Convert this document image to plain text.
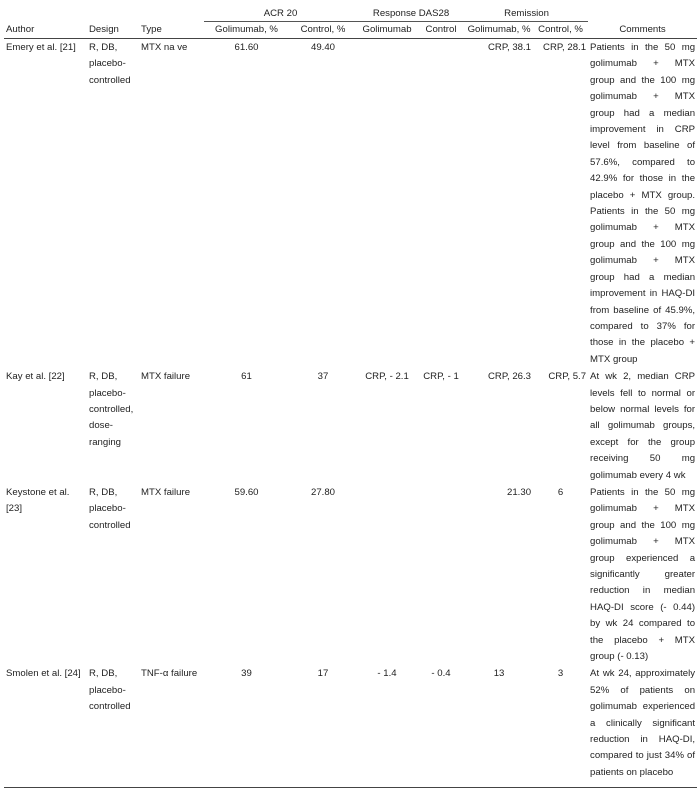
			ACR 20		Response DAS28		Remission		
Author	Design	Type	Golimumab, %	Control, %	Golimumab	Control	Golimumab, %	Control, %	Comments
Emery et al. [21]	R, DB, placebo-controlled	MTX na ve	61.60	49.40			CRP, 38.1	CRP, 28.1	Patients in the 50 mg golimumab + MTX group and the 100 mg golimumab + MTX group had a median improvement in CRP level from baseline of 57.6%, compared to 42.9% for those in the placebo + MTX group. Patients in the 50 mg golimumab + MTX group and the 100 mg golimumab + MTX group had a median improvement in HAQ-DI from baseline of 45.9%, compared to 37% for those in the placebo + MTX group
Kay et al. [22]	R, DB, placebo-controlled, dose-ranging	MTX failure	61	37	CRP, - 2.1	CRP, - 1	CRP, 26.3	CRP, 5.7	At wk 2, median CRP levels fell to normal or below normal levels for all golimumab groups, except for the group receiving 50 mg golimumab every 4 wk
Keystone et al. [23]	R, DB, placebo-controlled	MTX failure	59.60	27.80			21.30	6	Patients in the 50 mg golimumab + MTX group and the 100 mg golimumab + MTX group experienced a significantly greater reduction in median HAQ-DI score (- 0.44) by wk 24 compared to the placebo + MTX group (- 0.13)
Smolen et al. [24]	R, DB, placebo-controlled	TNF-α failure	39	17	- 1.4	- 0.4	13	3	At wk 24, approximately 52% of patients on golimumab experienced a clinically significant reduction in HAQ-DI, compared to just 34% of patients on placebo
